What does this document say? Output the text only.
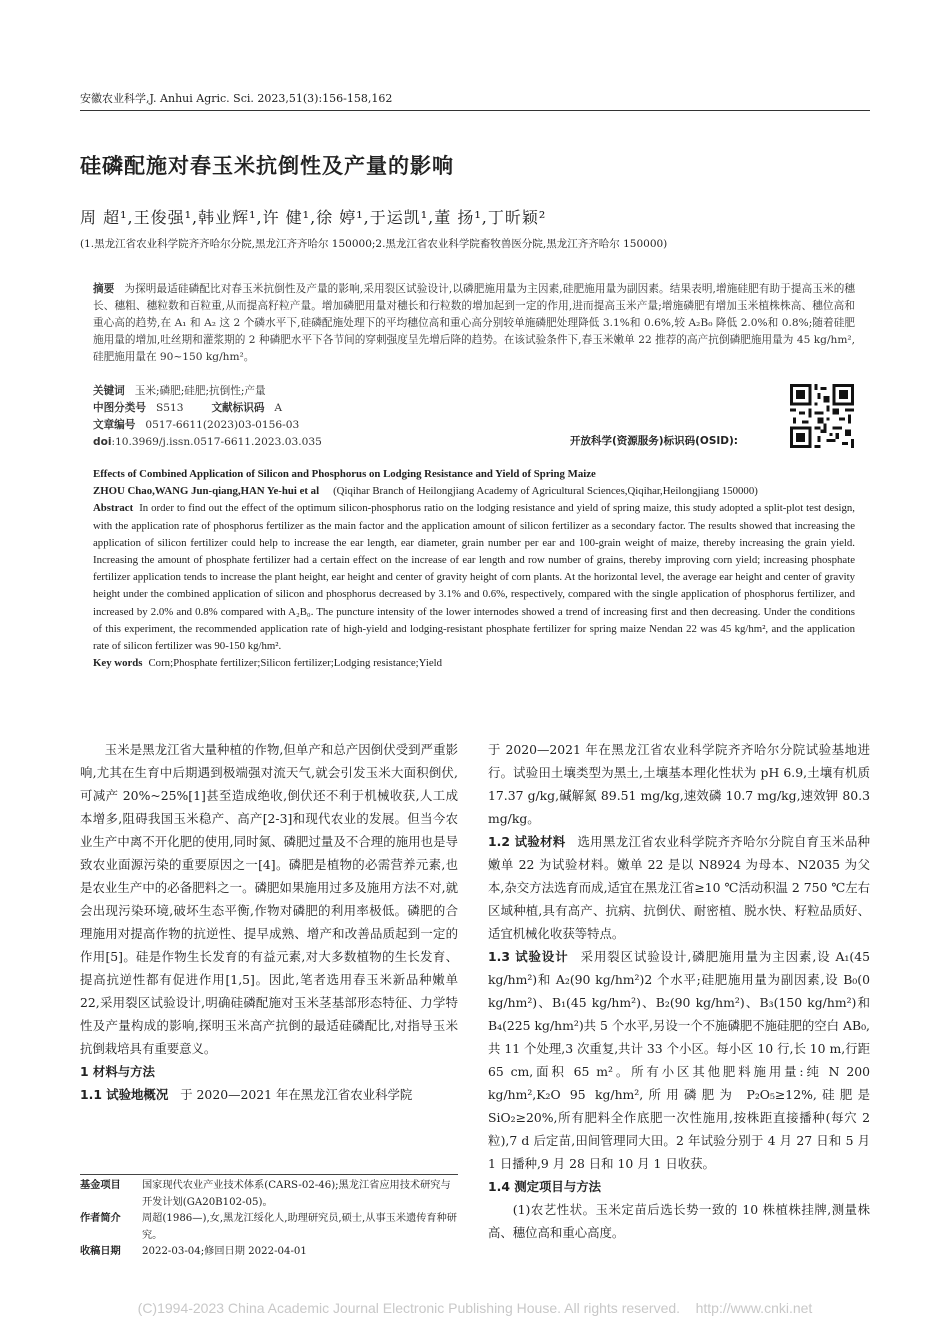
安徽农业科学,J. Anhui Agric. Sci. 2023,51(3):156-158,162
硅磷配施对春玉米抗倒性及产量的影响
周 超¹,王俊强¹,韩业辉¹,许 健¹,徐 婷¹,于运凯¹,董 扬¹,丁昕颖²
(1.黑龙江省农业科学院齐齐哈尔分院,黑龙江齐齐哈尔 150000;2.黑龙江省农业科学院畜牧兽医分院,黑龙江齐齐哈尔 150000)
摘要 为探明最适硅磷配比对春玉米抗倒性及产量的影响,采用裂区试验设计,以磷肥施用量为主因素,硅肥施用量为副因素。结果表明,增施硅肥有助于提高玉米的穗长、穗粗、穗粒数和百粒重,从而提高籽粒产量。增加磷肥用量对穗长和行粒数的增加起到一定的作用,进而提高玉米产量;增施磷肥有增加玉米植株株高、穗位高和重心高的趋势,在 A₁ 和 A₂ 这 2 个磷水平下,硅磷配施处理下的平均穗位高和重心高分别较单施磷肥处理降低 3.1%和 0.6%,较 A₂B₀ 降低 2.0%和 0.8%;随着硅肥施用量的增加,吐丝期和灌浆期的 2 种磷肥水平下各节间的穿刺强度呈先增后降的趋势。在该试验条件下,春玉米嫩单 22 推荐的高产抗倒磷肥施用量为 45 kg/hm²,硅肥施用量在 90~150 kg/hm²。
关键词 玉米;磷肥;硅肥;抗倒性;产量
中图分类号 S513	文献标识码 A
文章编号 0517-6611(2023)03-0156-03
doi:10.3969/j.issn.0517-6611.2023.03.035	开放科学(资源服务)标识码(OSID):
Effects of Combined Application of Silicon and Phosphorus on Lodging Resistance and Yield of Spring Maize
ZHOU Chao,WANG Jun-qiang,HAN Ye-hui et al (Qiqihar Branch of Heilongjiang Academy of Agricultural Sciences,Qiqihar,Heilongjiang 150000)
Abstract In order to find out the effect of the optimum silicon-phosphorus ratio on the lodging resistance and yield of spring maize, this study adopted a split-plot test design, with the application rate of phosphorus fertilizer as the main factor and the application amount of silicon fertilizer as a secondary factor. The results showed that increasing the application of silicon fertilizer could help to increase the ear length, ear diameter, grain number per ear and 100-grain weight of maize, thereby increasing the grain yield. Increasing the amount of phosphate fertilizer had a certain effect on the increase of ear length and row number of grains, thereby improving corn yield; increasing phosphate fertilizer application tends to increase the plant height, ear height and center of gravity height of corn plants. At the horizontal level, the average ear height and center of gravity height under the combined application of silicon and phosphorus decreased by 3.1% and 0.6%, respectively, compared with the single application of phosphorus fertilizer, and increased by 2.0% and 0.8% compared with A₂B₀. The puncture intensity of the lower internodes showed a trend of increasing first and then decreasing. Under the conditions of this experiment, the recommended application rate of high-yield and lodging-resistant phosphate fertilizer for spring maize Nendan 22 was 45 kg/hm², and the application rate of silicon fertilizer was 90-150 kg/hm².
Key words Corn;Phosphate fertilizer;Silicon fertilizer;Lodging resistance;Yield

玉米是黑龙江省大量种植的作物,但单产和总产因倒伏受到严重影响,尤其在生育中后期遇到极端强对流天气,就会引发玉米大面积倒伏,可减产 20%~25%[1]甚至造成绝收,倒伏还不利于机械收获,人工成本增多,阻碍我国玉米稳产、高产[2-3]和现代农业的发展。但当今农业生产中离不开化肥的使用,同时氮、磷肥过量及不合理的施用也是导致农业面源污染的重要原因之一[4]。磷肥是植物的必需营养元素,也是农业生产中的必备肥料之一。磷肥如果施用过多及施用方法不对,就会出现污染环境,破坏生态平衡,作物对磷肥的利用率极低。磷肥的合理施用对提高作物的抗逆性、提早成熟、增产和改善品质起到一定的作用[5]。硅是作物生长发育的有益元素,对大多数植物的生长发育、提高抗逆性都有促进作用[1,5]。因此,笔者选用春玉米新品种嫩单 22,采用裂区试验设计,明确硅磷配施对玉米茎基部形态特征、力学特性及产量构成的影响,探明玉米高产抗倒的最适硅磷配比,对指导玉米抗倒栽培具有重要意义。

1 材料与方法
1.1 试验地概况 于 2020—2021 年在黑龙江省农业科学院

于 2020—2021 年在黑龙江省农业科学院齐齐哈尔分院试验基地进行。试验田土壤类型为黑土,土壤基本理化性状为 pH 6.9,土壤有机质 17.37 g/kg,碱解氮 89.51 mg/kg,速效磷 10.7 mg/kg,速效钾 80.3 mg/kg。

1.2 试验材料 选用黑龙江省农业科学院齐齐哈尔分院自育玉米品种嫩单 22 为试验材料。嫩单 22 是以 N8924 为母本、N2035 为父本,杂交方法选育而成,适宜在黑龙江省≥10 ℃活动积温 2 750 ℃左右区域种植,具有高产、抗病、抗倒伏、耐密植、脱水快、籽粒品质好、适宜机械化收获等特点。

1.3 试验设计 采用裂区试验设计,磷肥施用量为主因素,设 A₁(45 kg/hm²)和 A₂(90 kg/hm²)2 个水平;硅肥施用量为副因素,设 B₀(0 kg/hm²)、B₁(45 kg/hm²)、B₂(90 kg/hm²)、B₃(150 kg/hm²)和 B₄(225 kg/hm²)共 5 个水平,另设一个不施磷肥不施硅肥的空白 AB₀,共 11 个处理,3 次重复,共计 33 个小区。每小区 10 行,长 10 m,行距 65 cm,面积 65 m²。所有小区其他肥料施用量:纯 N 200 kg/hm²,K₂O 95 kg/hm²,所用磷肥为 P₂O₅≥12%,硅肥是 SiO₂≥20%,所有肥料全作底肥一次性施用,按株距直接播种(每穴 2 粒),7 d 后定苗,田间管理同大田。2 年试验分别于 4 月 27 日和 5 月 1 日播种,9 月 28 日和 10 月 1 日收获。

1.4 测定项目与方法

(1)农艺性状。玉米定苗后选长势一致的 10 株植株挂牌,测量株高、穗位高和重心高度。

基金项目	国家现代农业产业技术体系(CARS-02-46);黑龙江省应用技术研究与开发计划(GA20B102-05)。
作者简介	周超(1986—),女,黑龙江绥化人,助理研究员,硕士,从事玉米遗传育种研究。
收稿日期	2022-03-04;修回日期 2022-04-01
(C)1994-2023 China Academic Journal Electronic Publishing House. All rights reserved.    http://www.cnki.net
